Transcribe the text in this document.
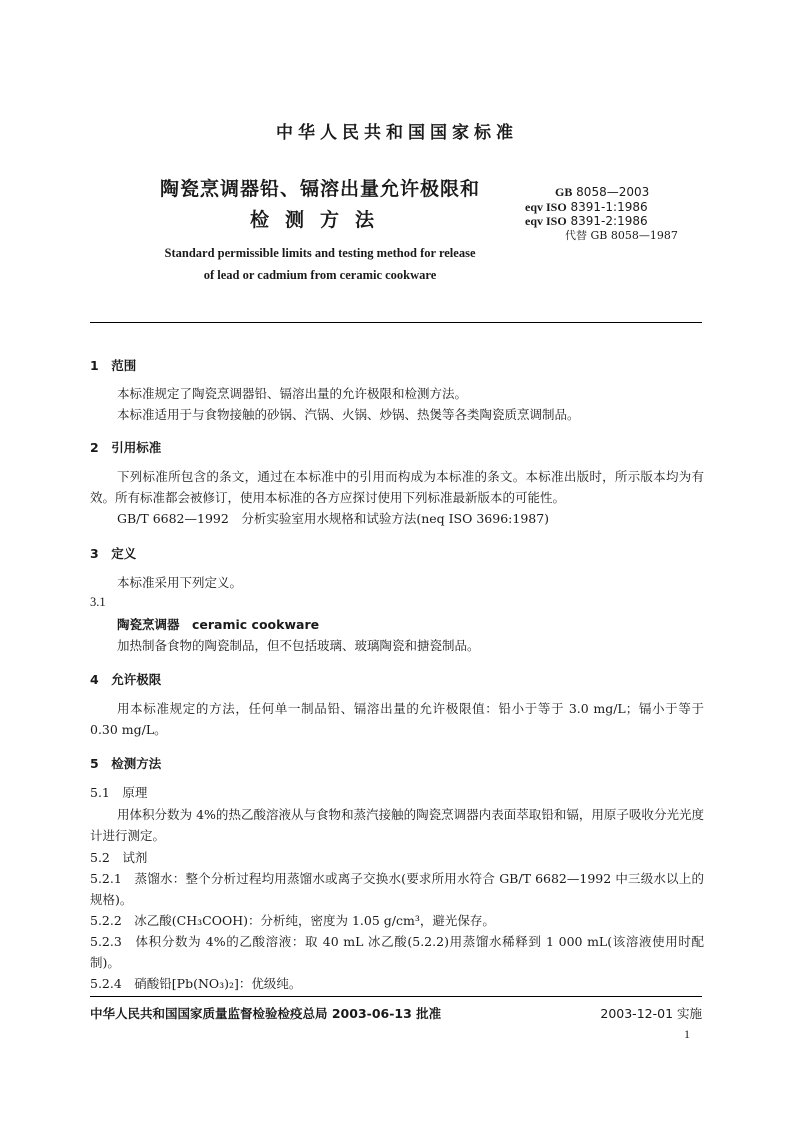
中华人民共和国国家标准
陶瓷烹调器铅、镉溶出量允许极限和
检测方法
GB 8058—2003
eqv ISO 8391-1:1986
eqv ISO 8391-2:1986
代替 GB 8058—1987
Standard permissible limits and testing method for release
of lead or cadmium from ceramic cookware
1　范围
本标准规定了陶瓷烹调器铅、镉溶出量的允许极限和检测方法。
本标准适用于与食物接触的砂锅、汽锅、火锅、炒锅、热煲等各类陶瓷质烹调制品。
2　引用标准
下列标准所包含的条文，通过在本标准中的引用而构成为本标准的条文。本标准出版时，所示版本均为有效。所有标准都会被修订，使用本标准的各方应探讨使用下列标准最新版本的可能性。
GB/T 6682—1992　分析实验室用水规格和试验方法(neq ISO 3696:1987)
3　定义
本标准采用下列定义。
3.1
陶瓷烹调器　ceramic cookware
加热制备食物的陶瓷制品，但不包括玻璃、玻璃陶瓷和搪瓷制品。
4　允许极限
用本标准规定的方法，任何单一制品铅、镉溶出量的允许极限值：铅小于等于 3.0 mg/L；镉小于等于 0.30 mg/L。
5　检测方法
5.1　原理
用体积分数为 4%的热乙酸溶液从与食物和蒸汽接触的陶瓷烹调器内表面萃取铅和镉，用原子吸收分光光度计进行测定。
5.2　试剂
5.2.1　蒸馏水：整个分析过程均用蒸馏水或离子交换水(要求所用水符合 GB/T 6682—1992 中三级水以上的规格)。
5.2.2　冰乙酸(CH₃COOH)：分析纯，密度为 1.05 g/cm³，避光保存。
5.2.3　体积分数为 4%的乙酸溶液：取 40 mL 冰乙酸(5.2.2)用蒸馏水稀释到 1 000 mL(该溶液使用时配制)。
5.2.4　硝酸铅[Pb(NO₃)₂]：优级纯。
中华人民共和国国家质量监督检验检疫总局 2003-06-13 批准	2003-12-01 实施
1
